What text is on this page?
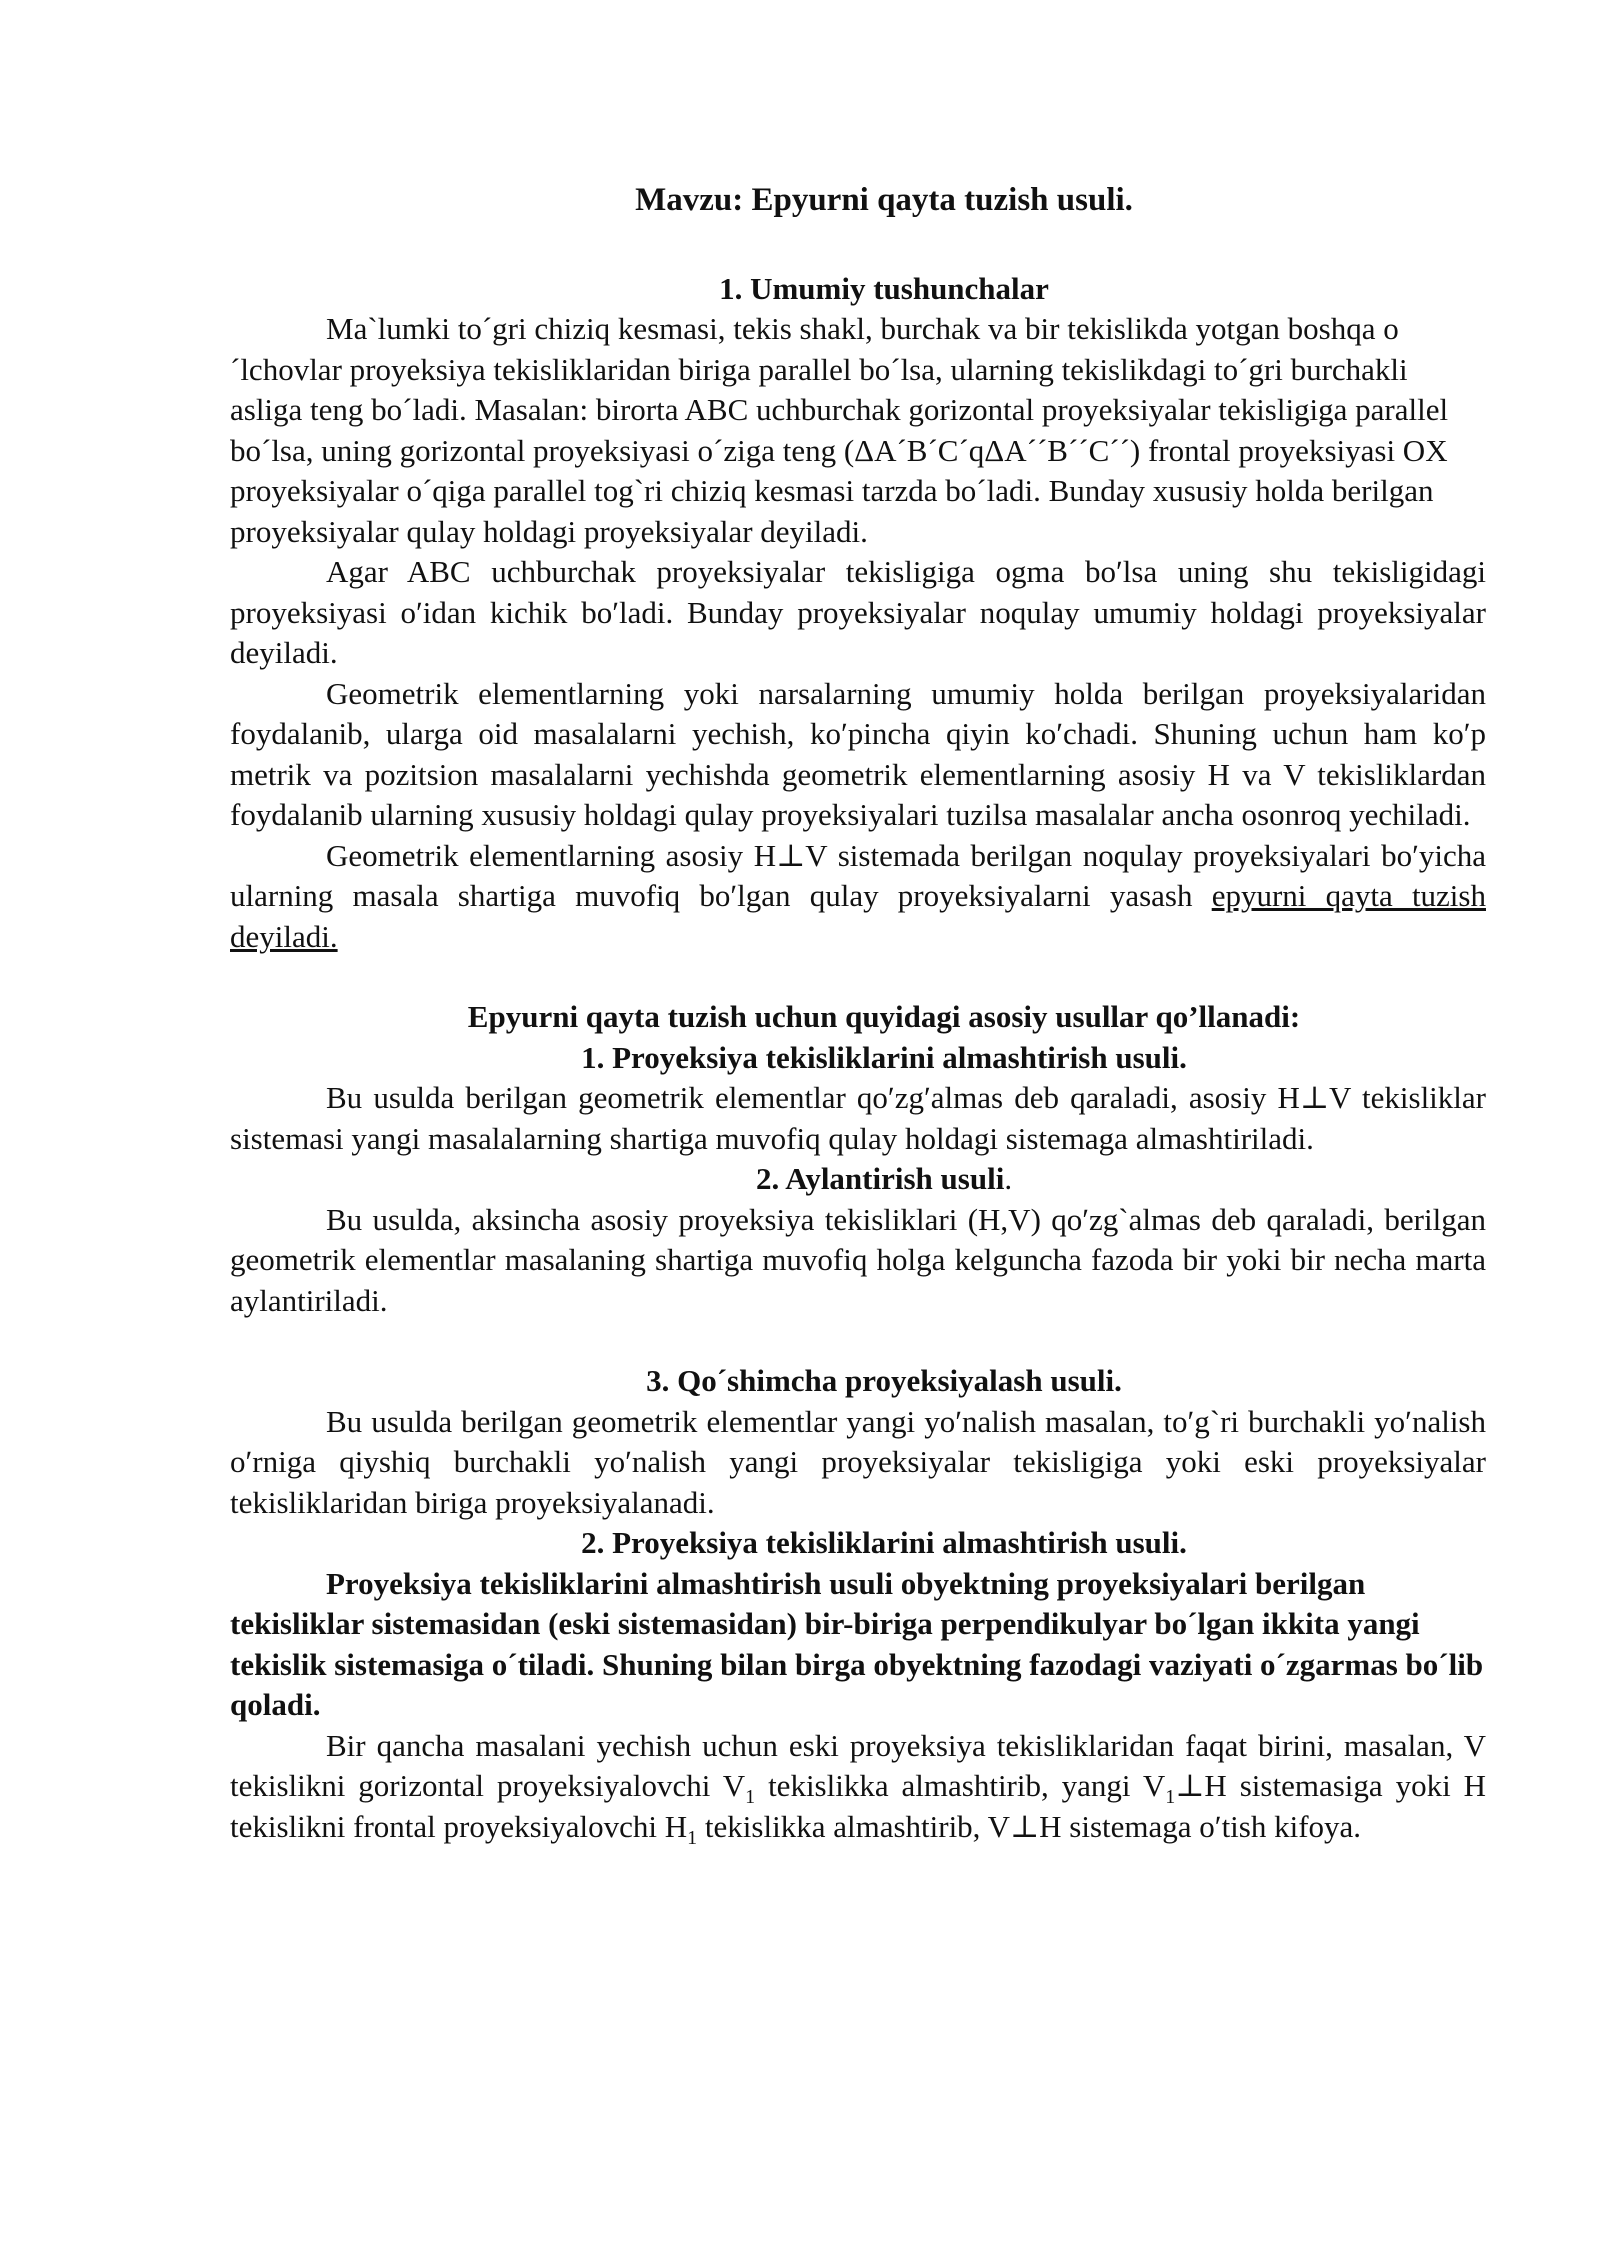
Mavzu: Epyurni qayta tuzish usuli.

1. Umumiy tushunchalar

Ma`lumki to´gri chiziq kesmasi, tekis shakl, burchak va bir tekislikda yotgan boshqa o´lchovlar proyeksiya tekisliklaridan biriga parallel bo´lsa, ularning tekislikdagi to´gri burchakli asliga teng bo´ladi. Masalan: birorta ABC uchburchak gorizontal proyeksiyalar tekisligiga parallel bo´lsa, uning gorizontal proyeksiyasi o´ziga teng (ΔA´B´C´qΔA´´B´´C´´) frontal proyeksiyasi OX proyeksiyalar o´qiga parallel tog`ri chiziq kesmasi tarzda bo´ladi. Bunday xususiy holda berilgan proyeksiyalar qulay holdagi proyeksiyalar deyiladi.

Agar ABC uchburchak proyeksiyalar tekisligiga ogma boʹlsa uning shu tekisligidagi proyeksiyasi oʹidan kichik boʹladi. Bunday proyeksiyalar noqulay umumiy holdagi proyeksiyalar deyiladi.

Geometrik elementlarning yoki narsalarning umumiy holda berilgan proyeksiyalaridan foydalanib, ularga oid masalalarni yechish, koʹpincha qiyin koʹchadi. Shuning uchun ham koʹp metrik va pozitsion masalalarni yechishda geometrik elementlarning asosiy H va V tekisliklardan foydalanib ularning xususiy holdagi qulay proyeksiyalari tuzilsa masalalar ancha osonroq yechiladi.

Geometrik elementlarning asosiy H⊥V sistemada berilgan noqulay proyeksiyalari boʹyicha ularning masala shartiga muvofiq boʹlgan qulay proyeksiyalarni yasash epyurni qayta tuzish deyiladi.

Epyurni qayta tuzish uchun quyidagi asosiy usullar qo’llanadi:

1. Proyeksiya tekisliklarini almashtirish usuli.

Bu usulda berilgan geometrik elementlar qoʹzgʹalmas deb qaraladi, asosiy H⊥V tekisliklar sistemasi yangi masalalarning shartiga muvofiq qulay holdagi sistemaga almashtiriladi.

2. Aylantirish usuli.

Bu usulda, aksincha asosiy proyeksiya tekisliklari (H,V) qoʹzg`almas deb qaraladi, berilgan geometrik elementlar masalaning shartiga muvofiq holga kelguncha fazoda bir yoki bir necha marta aylantiriladi.

3. Qo´shimcha proyeksiyalash usuli.

Bu usulda berilgan geometrik elementlar yangi yoʹnalish masalan, toʹg`ri burchakli yoʹnalish oʹrniga qiyshiq burchakli yoʹnalish yangi proyeksiyalar tekisligiga yoki eski proyeksiyalar tekisliklaridan biriga proyeksiyalanadi.

2. Proyeksiya tekisliklarini almashtirish usuli.

Proyeksiya tekisliklarini almashtirish usuli obyektning proyeksiyalari berilgan tekisliklar sistemasidan (eski sistemasidan) bir-biriga perpendikulyar bo´lgan ikkita yangi tekislik sistemasiga o´tiladi. Shuning bilan birga obyektning fazodagi vaziyati o´zgarmas bo´lib qoladi.

Bir qancha masalani yechish uchun eski proyeksiya tekisliklaridan faqat birini, masalan, V tekislikni gorizontal proyeksiyalovchi $V_1$ tekislikka almashtirib, yangi $V_1\perp H$ sistemasiga yoki H tekislikni frontal proyeksiyalovchi $H_1$ tekislikka almashtirib, V⊥H sistemaga oʹtish kifoya.
